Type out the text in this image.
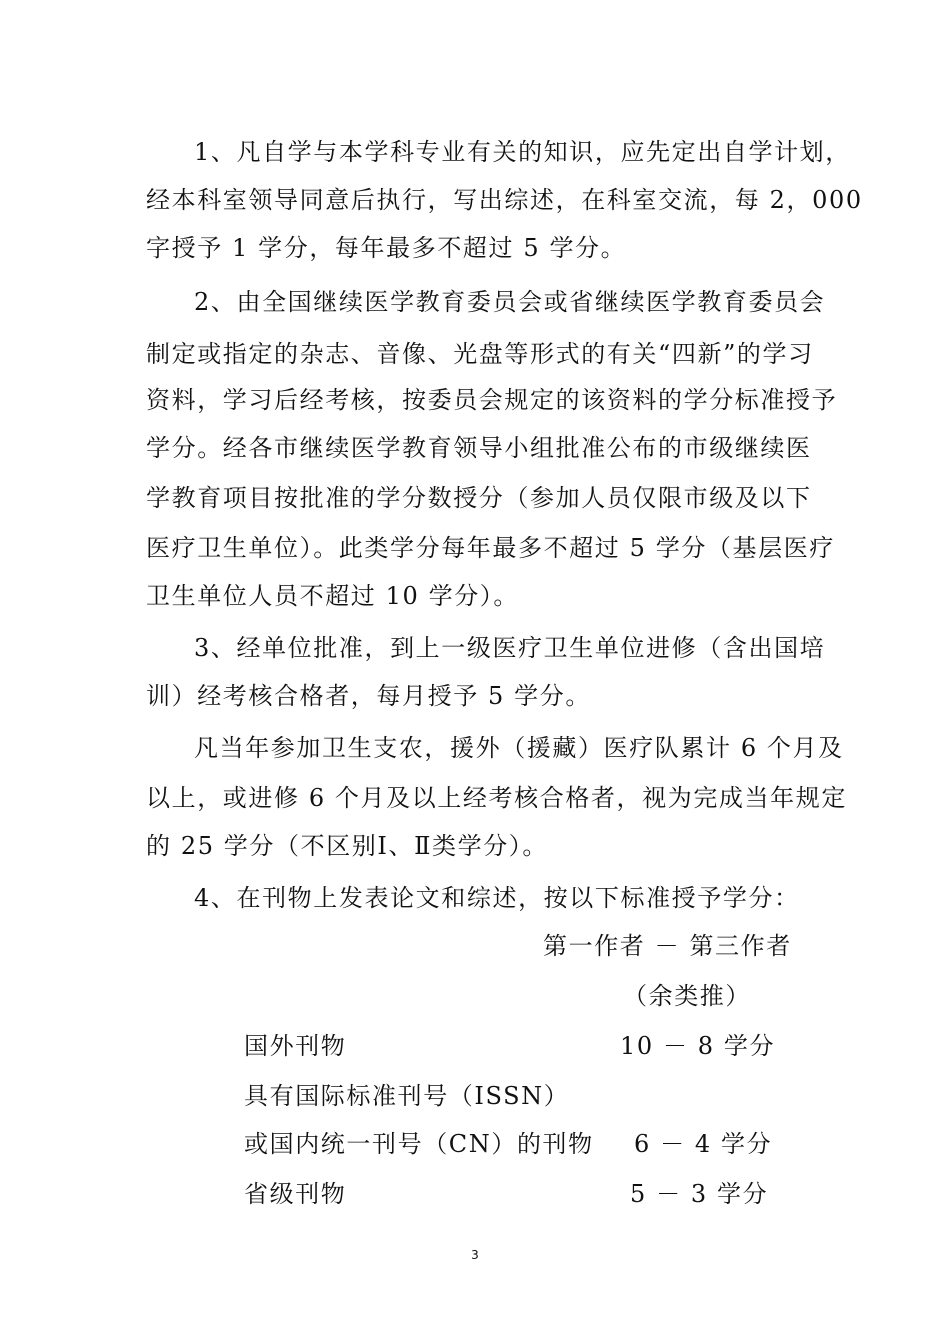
1、凡自学与本学科专业有关的知识，应先定出自学计划，
经本科室领导同意后执行，写出综述，在科室交流，每 2，000
字授予 1 学分，每年最多不超过 5 学分。
2、由全国继续医学教育委员会或省继续医学教育委员会
制定或指定的杂志、音像、光盘等形式的有关“四新”的学习
资料，学习后经考核，按委员会规定的该资料的学分标准授予
学分。经各市继续医学教育领导小组批准公布的市级继续医
学教育项目按批准的学分数授分（参加人员仅限市级及以下
医疗卫生单位）。此类学分每年最多不超过 5 学分（基层医疗
卫生单位人员不超过 10 学分）。
3、经单位批准，到上一级医疗卫生单位进修（含出国培
训）经考核合格者，每月授予 5 学分。
凡当年参加卫生支农，援外（援藏）医疗队累计 6 个月及
以上，或进修 6 个月及以上经考核合格者，视为完成当年规定
的 25 学分（不区别Ⅰ、Ⅱ类学分）。
4、在刊物上发表论文和综述，按以下标准授予学分：
第一作者 － 第三作者
（余类推）
国外刊物	10 － 8 学分
具有国际标准刊号（ISSN）
或国内统一刊号（CN）的刊物 6 － 4 学分
省级刊物	5 － 3 学分
3
